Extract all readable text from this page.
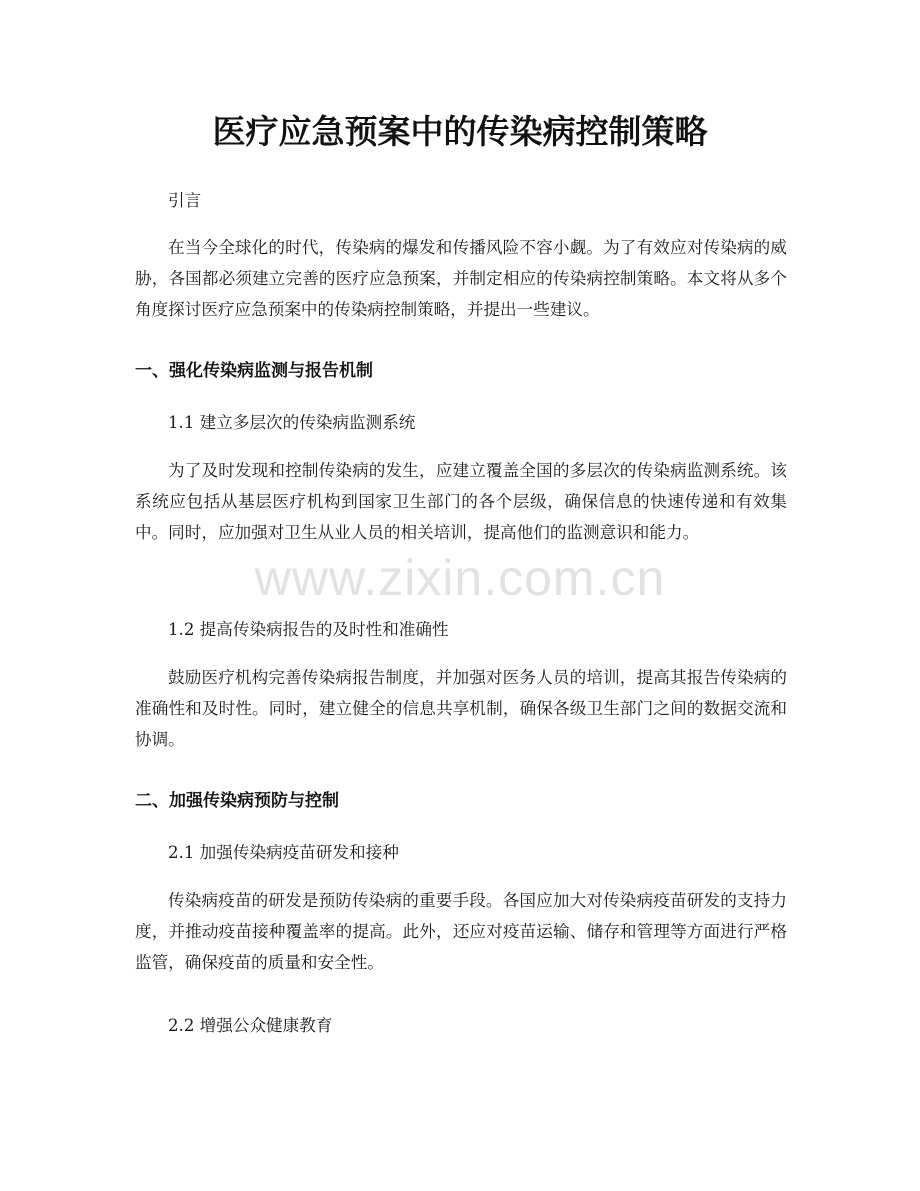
医疗应急预案中的传染病控制策略

引言

在当今全球化的时代，传染病的爆发和传播风险不容小觑。为了有效应对传染病的威胁，各国都必须建立完善的医疗应急预案，并制定相应的传染病控制策略。本文将从多个角度探讨医疗应急预案中的传染病控制策略，并提出一些建议。

一、强化传染病监测与报告机制

1.1 建立多层次的传染病监测系统

为了及时发现和控制传染病的发生，应建立覆盖全国的多层次的传染病监测系统。该系统应包括从基层医疗机构到国家卫生部门的各个层级，确保信息的快速传递和有效集中。同时，应加强对卫生从业人员的相关培训，提高他们的监测意识和能力。

1.2 提高传染病报告的及时性和准确性

鼓励医疗机构完善传染病报告制度，并加强对医务人员的培训，提高其报告传染病的准确性和及时性。同时，建立健全的信息共享机制，确保各级卫生部门之间的数据交流和协调。

二、加强传染病预防与控制

2.1 加强传染病疫苗研发和接种

传染病疫苗的研发是预防传染病的重要手段。各国应加大对传染病疫苗研发的支持力度，并推动疫苗接种覆盖率的提高。此外，还应对疫苗运输、储存和管理等方面进行严格监管，确保疫苗的质量和安全性。

2.2 增强公众健康教育

www.zixin.com.cn
